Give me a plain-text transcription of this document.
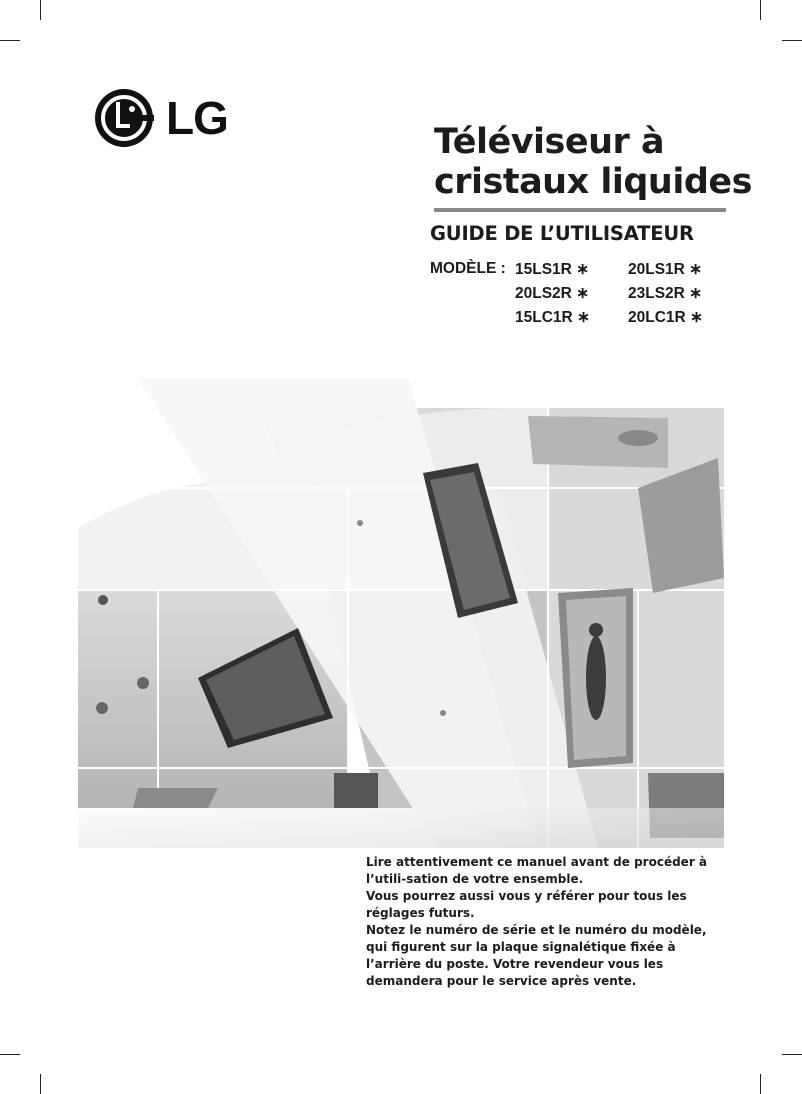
LG	Téléviseur à
cristaux liquides
GUIDE DE L’UTILISATEUR
MODÈLE : 15LS1R ∗	20LS1R ∗
20LS2R ∗	23LS2R ∗
15LC1R ∗ 20LC1R ∗

Lire attentivement ce manuel avant de procéder à l’utili-sation de votre ensemble.

Vous pourrez aussi vous y référer pour tous les réglages futurs.

Notez le numéro de série et le numéro du modèle, qui figurent sur la plaque signalétique fixée à l’arrière du poste. Votre revendeur vous les demandera pour le service après vente.
